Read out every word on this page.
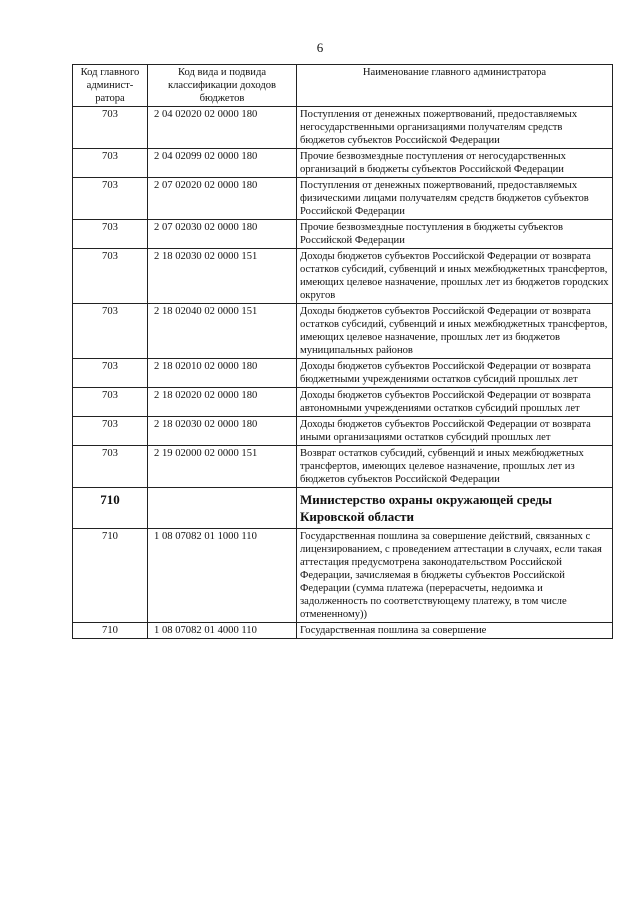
6
Код главного админист-ратора	Код вида и подвида классификации доходов бюджетов	Наименование главного администратора
703	2 04 02020 02 0000 180	Поступления от денежных пожертвований, предоставляемых негосударственными организациями получателям средств бюджетов субъектов Российской Федерации
703	2 04 02099 02 0000 180	Прочие безвозмездные поступления от негосударственных организаций в бюджеты субъектов Российской Федерации
703	2 07 02020 02 0000 180	Поступления от денежных пожертвований, предоставляемых физическими лицами получателям средств бюджетов субъектов Российской Федерации
703	2 07 02030 02 0000 180	Прочие безвозмездные поступления в бюджеты субъектов Российской Федерации
703	2 18 02030 02 0000 151	Доходы бюджетов субъектов Российской Федерации от возврата остатков субсидий, субвенций и иных межбюджетных трансфертов, имеющих целевое назначение, прошлых лет из бюджетов городских округов
703	2 18 02040 02 0000 151	Доходы бюджетов субъектов Российской Федерации от возврата остатков субсидий, субвенций и иных межбюджетных трансфертов, имеющих целевое назначение, прошлых лет из бюджетов муниципальных районов
703	2 18 02010 02 0000 180	Доходы бюджетов субъектов Российской Федерации от возврата бюджетными учреждениями остатков субсидий прошлых лет
703	2 18 02020 02 0000 180	Доходы бюджетов субъектов Российской Федерации от возврата автономными учреждениями остатков субсидий прошлых лет
703	2 18 02030 02 0000 180	Доходы бюджетов субъектов Российской Федерации от возврата иными организациями остатков субсидий прошлых лет
703	2 19 02000 02 0000 151	Возврат остатков субсидий, субвенций и иных межбюджетных трансфертов, имеющих целевое назначение, прошлых лет из бюджетов субъектов Российской Федерации
710		Министерство охраны окружающей среды Кировской области
710	1 08 07082 01 1000 110	Государственная пошлина за совершение действий, связанных с лицензированием, с проведением аттестации в случаях, если такая аттестация предусмотрена законодательством Российской Федерации, зачисляемая в бюджеты субъектов Российской Федерации (сумма платежа (перерасчеты, недоимка и задолженность по соответствующему платежу, в том числе отмененному))
710	1 08 07082 01 4000 110	Государственная пошлина за совершение
